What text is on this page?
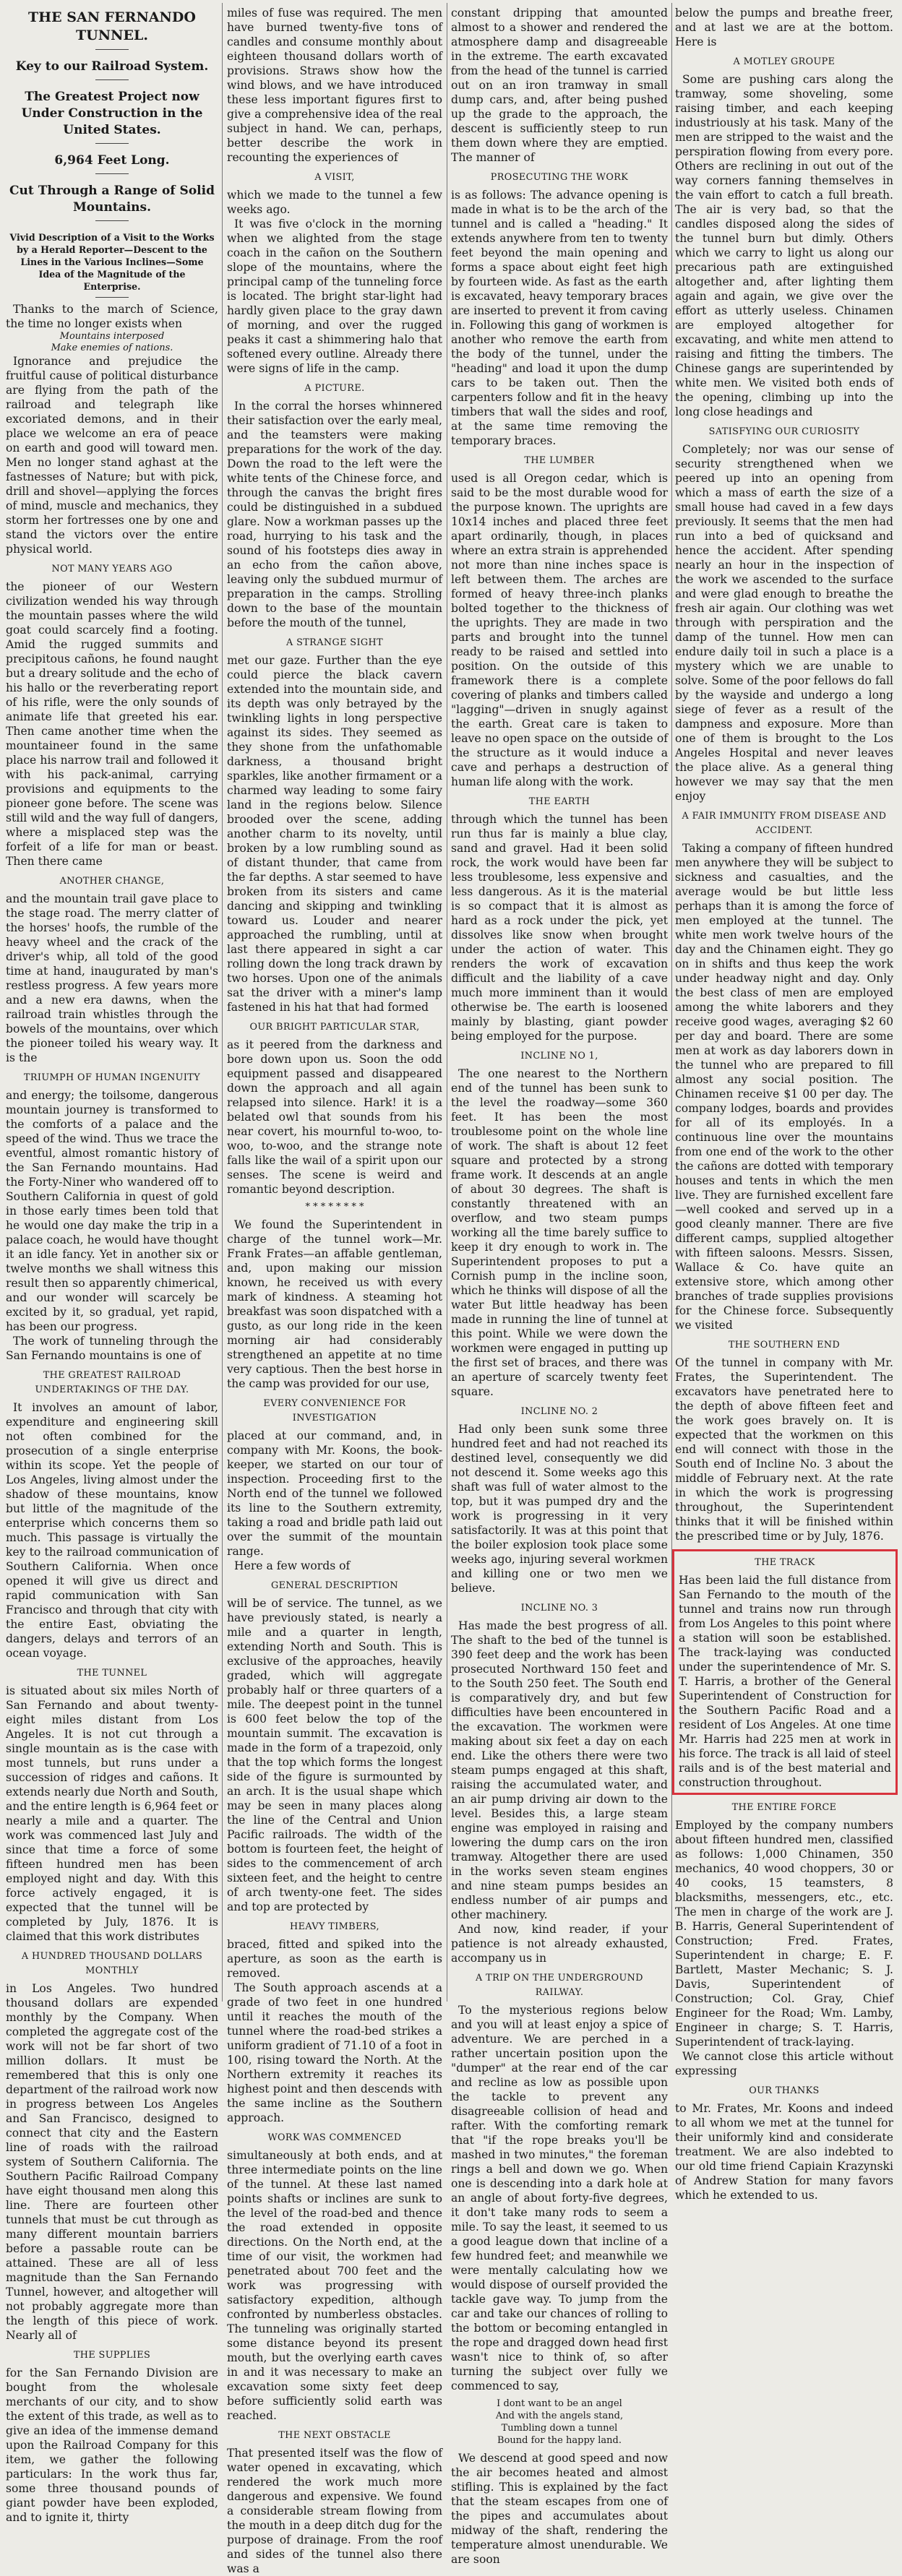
THE SAN FERNANDO TUNNEL.
Key to our Railroad System.
The Greatest Project now Under Construction in the United States.
6,964 Feet Long.
Cut Through a Range of Solid Mountains.
Vivid Description of a Visit to the Works by a Herald Reporter—Descent to the Lines in the Various Inclines—Some Idea of the Magnitude of the Enterprise.

Thanks to the march of Science, the time no longer exists when

Mountains interposed
Make enemies of nations.

Ignorance and prejudice the fruitful cause of political disturbance are flying from the path of the railroad and telegraph like excoriated demons, and in their place we welcome an era of peace on earth and good will toward men. Men no longer stand aghast at the fastnesses of Nature; but with pick, drill and shovel—applying the forces of mind, muscle and mechanics, they storm her fortresses one by one and stand the victors over the entire physical world.

NOT MANY YEARS AGO

the pioneer of our Western civilization wended his way through the mountain passes where the wild goat could scarcely find a footing. Amid the rugged summits and precipitous cañons, he found naught but a dreary solitude and the echo of his hallo or the reverberating report of his rifle, were the only sounds of animate life that greeted his ear. Then came another time when the mountaineer found in the same place his narrow trail and followed it with his pack-animal, carrying provisions and equipments to the pioneer gone before. The scene was still wild and the way full of dangers, where a misplaced step was the forfeit of a life for man or beast. Then there came

ANOTHER CHANGE,

and the mountain trail gave place to the stage road. The merry clatter of the horses' hoofs, the rumble of the heavy wheel and the crack of the driver's whip, all told of the good time at hand, inaugurated by man's restless progress. A few years more and a new era dawns, when the railroad train whistles through the bowels of the mountains, over which the pioneer toiled his weary way. It is the

TRIUMPH OF HUMAN INGENUITY

and energy; the toilsome, dangerous mountain journey is transformed to the comforts of a palace and the speed of the wind. Thus we trace the eventful, almost romantic history of the San Fernando mountains. Had the Forty-Niner who wandered off to Southern California in quest of gold in those early times been told that he would one day make the trip in a palace coach, he would have thought it an idle fancy. Yet in another six or twelve months we shall witness this result then so apparently chimerical, and our wonder will scarcely be excited by it, so gradual, yet rapid, has been our progress.

The work of tunneling through the San Fernando mountains is one of

THE GREATEST RAILROAD UNDERTAKINGS OF THE DAY.

It involves an amount of labor, expenditure and engineering skill not often combined for the prosecution of a single enterprise within its scope. Yet the people of Los Angeles, living almost under the shadow of these mountains, know but little of the magnitude of the enterprise which concerns them so much. This passage is virtually the key to the railroad communication of Southern California. When once opened it will give us direct and rapid communication with San Francisco and through that city with the entire East, obviating the dangers, delays and terrors of an ocean voyage.

THE TUNNEL

is situated about six miles North of San Fernando and about twenty-eight miles distant from Los Angeles. It is not cut through a single mountain as is the case with most tunnels, but runs under a succession of ridges and cañons. It extends nearly due North and South, and the entire length is 6,964 feet or nearly a mile and a quarter. The work was commenced last July and since that time a force of some fifteen hundred men has been employed night and day. With this force actively engaged, it is expected that the tunnel will be completed by July, 1876. It is claimed that this work distributes

A HUNDRED THOUSAND DOLLARS MONTHLY

in Los Angeles. Two hundred thousand dollars are expended monthly by the Company. When completed the aggregate cost of the work will not be far short of two million dollars. It must be remembered that this is only one department of the railroad work now in progress between Los Angeles and San Francisco, designed to connect that city and the Eastern line of roads with the railroad system of Southern California. The Southern Pacific Railroad Company have eight thousand men along this line. There are fourteen other tunnels that must be cut through as many different mountain barriers before a passable route can be attained. These are all of less magnitude than the San Fernando Tunnel, however, and altogether will not probably aggregate more than the length of this piece of work. Nearly all of

THE SUPPLIES

for the San Fernando Division are bought from the wholesale merchants of our city, and to show the extent of this trade, as well as to give an idea of the immense demand upon the Railroad Company for this item, we gather the following particulars: In the work thus far, some three thousand pounds of giant powder have been exploded, and to ignite it, thirty

miles of fuse was required. The men have burned twenty-five tons of candles and consume monthly about eighteen thousand dollars worth of provisions. Straws show how the wind blows, and we have introduced these less important figures first to give a comprehensive idea of the real subject in hand. We can, perhaps, better describe the work in recounting the experiences of

A VISIT,

which we made to the tunnel a few weeks ago.

It was five o'clock in the morning when we alighted from the stage coach in the cañon on the Southern slope of the mountains, where the principal camp of the tunneling force is located. The bright star-light had hardly given place to the gray dawn of morning, and over the rugged peaks it cast a shimmering halo that softened every outline. Already there were signs of life in the camp.

A PICTURE.

In the corral the horses whinnered their satisfaction over the early meal, and the teamsters were making preparations for the work of the day. Down the road to the left were the white tents of the Chinese force, and through the canvas the bright fires could be distinguished in a subdued glare. Now a workman passes up the road, hurrying to his task and the sound of his footsteps dies away in an echo from the cañon above, leaving only the subdued murmur of preparation in the camps. Strolling down to the base of the mountain before the mouth of the tunnel,

A STRANGE SIGHT

met our gaze. Further than the eye could pierce the black cavern extended into the mountain side, and its depth was only betrayed by the twinkling lights in long perspective against its sides. They seemed as they shone from the unfathomable darkness, a thousand bright sparkles, like another firmament or a charmed way leading to some fairy land in the regions below. Silence brooded over the scene, adding another charm to its novelty, until broken by a low rumbling sound as of distant thunder, that came from the far depths. A star seemed to have broken from its sisters and came dancing and skipping and twinkling toward us. Louder and nearer approached the rumbling, until at last there appeared in sight a car rolling down the long track drawn by two horses. Upon one of the animals sat the driver with a miner's lamp fastened in his hat that had formed

OUR BRIGHT PARTICULAR STAR,

as it peered from the darkness and bore down upon us. Soon the odd equipment passed and disappeared down the approach and all again relapsed into silence. Hark! it is a belated owl that sounds from his near covert, his mournful to-woo, to-woo, to-woo, and the strange note falls like the wail of a spirit upon our senses. The scene is weird and romantic beyond description.

* * * * * * * *

We found the Superintendent in charge of the tunnel work—Mr. Frank Frates—an affable gentleman, and, upon making our mission known, he received us with every mark of kindness. A steaming hot breakfast was soon dispatched with a gusto, as our long ride in the keen morning air had considerably strengthened an appetite at no time very captious. Then the best horse in the camp was provided for our use,

EVERY CONVENIENCE FOR INVESTIGATION

placed at our command, and, in company with Mr. Koons, the book-keeper, we started on our tour of inspection. Proceeding first to the North end of the tunnel we followed its line to the Southern extremity, taking a road and bridle path laid out over the summit of the mountain range.

Here a few words of

GENERAL DESCRIPTION

will be of service. The tunnel, as we have previously stated, is nearly a mile and a quarter in length, extending North and South. This is exclusive of the approaches, heavily graded, which will aggregate probably half or three quarters of a mile. The deepest point in the tunnel is 600 feet below the top of the mountain summit. The excavation is made in the form of a trapezoid, only that the top which forms the longest side of the figure is surmounted by an arch. It is the usual shape which may be seen in many places along the line of the Central and Union Pacific railroads. The width of the bottom is fourteen feet, the height of sides to the commencement of arch sixteen feet, and the height to centre of arch twenty-one feet. The sides and top are protected by

HEAVY TIMBERS,

braced, fitted and spiked into the aperture, as soon as the earth is removed.

The South approach ascends at a grade of two feet in one hundred until it reaches the mouth of the tunnel where the road-bed strikes a uniform gradient of 71.10 of a foot in 100, rising toward the North. At the Northern extremity it reaches its highest point and then descends with the same incline as the Southern approach.

WORK WAS COMMENCED

simultaneously at both ends, and at three intermediate points on the line of the tunnel. At these last named points shafts or inclines are sunk to the level of the road-bed and thence the road extended in opposite directions. On the North end, at the time of our visit, the workmen had penetrated about 700 feet and the work was progressing with satisfactory expedition, although confronted by numberless obstacles. The tunneling was originally started some distance beyond its present mouth, but the overlying earth caves in and it was necessary to make an excavation some sixty feet deep before sufficiently solid earth was reached.

THE NEXT OBSTACLE

That presented itself was the flow of water opened in excavating, which rendered the work much more dangerous and expensive. We found a considerable stream flowing from the mouth in a deep ditch dug for the purpose of drainage. From the roof and sides of the tunnel also there was a

constant dripping that amounted almost to a shower and rendered the atmosphere damp and disagreeable in the extreme. The earth excavated from the head of the tunnel is carried out on an iron tramway in small dump cars, and, after being pushed up the grade to the approach, the descent is sufficiently steep to run them down where they are emptied. The manner of

PROSECUTING THE WORK

is as follows: The advance opening is made in what is to be the arch of the tunnel and is called a "heading." It extends anywhere from ten to twenty feet beyond the main opening and forms a space about eight feet high by fourteen wide. As fast as the earth is excavated, heavy temporary braces are inserted to prevent it from caving in. Following this gang of workmen is another who remove the earth from the body of the tunnel, under the "heading" and load it upon the dump cars to be taken out. Then the carpenters follow and fit in the heavy timbers that wall the sides and roof, at the same time removing the temporary braces.

THE LUMBER

used is all Oregon cedar, which is said to be the most durable wood for the purpose known. The uprights are 10x14 inches and placed three feet apart ordinarily, though, in places where an extra strain is apprehended not more than nine inches space is left between them. The arches are formed of heavy three-inch planks bolted together to the thickness of the uprights. They are made in two parts and brought into the tunnel ready to be raised and settled into position. On the outside of this framework there is a complete covering of planks and timbers called "lagging"—driven in snugly against the earth. Great care is taken to leave no open space on the outside of the structure as it would induce a cave and perhaps a destruction of human life along with the work.

THE EARTH

through which the tunnel has been run thus far is mainly a blue clay, sand and gravel. Had it been solid rock, the work would have been far less troublesome, less expensive and less dangerous. As it is the material is so compact that it is almost as hard as a rock under the pick, yet dissolves like snow when brought under the action of water. This renders the work of excavation difficult and the liability of a cave much more imminent than it would otherwise be. The earth is loosened mainly by blasting, giant powder being employed for the purpose.

INCLINE NO 1,

The one nearest to the Northern end of the tunnel has been sunk to the level the roadway—some 360 feet. It has been the most troublesome point on the whole line of work. The shaft is about 12 feet square and protected by a strong frame work. It descends at an angle of about 30 degrees. The shaft is constantly threatened with an overflow, and two steam pumps working all the time barely suffice to keep it dry enough to work in. The Superintendent proposes to put a Cornish pump in the incline soon, which he thinks will dispose of all the water But little headway has been made in running the line of tunnel at this point. While we were down the workmen were engaged in putting up the first set of braces, and there was an aperture of scarcely twenty feet square.

INCLINE NO. 2

Had only been sunk some three hundred feet and had not reached its destined level, consequently we did not descend it. Some weeks ago this shaft was full of water almost to the top, but it was pumped dry and the work is progressing in it very satisfactorily. It was at this point that the boiler explosion took place some weeks ago, injuring several workmen and killing one or two men we believe.

INCLINE NO. 3

Has made the best progress of all. The shaft to the bed of the tunnel is 390 feet deep and the work has been prosecuted Northward 150 feet and to the South 250 feet. The South end is comparatively dry, and but few difficulties have been encountered in the excavation. The workmen were making about six feet a day on each end. Like the others there were two steam pumps engaged at this shaft, raising the accumulated water, and an air pump driving air down to the level. Besides this, a large steam engine was employed in raising and lowering the dump cars on the iron tramway. Altogether there are used in the works seven steam engines and nine steam pumps besides an endless number of air pumps and other machinery.

And now, kind reader, if your patience is not already exhausted, accompany us in

A TRIP ON THE UNDERGROUND RAILWAY.

To the mysterious regions below and you will at least enjoy a spice of adventure. We are perched in a rather uncertain position upon the "dumper" at the rear end of the car and recline as low as possible upon the tackle to prevent any disagreeable collision of head and rafter. With the comforting remark that "if the rope breaks you'll be mashed in two minutes," the foreman rings a bell and down we go. When one is descending into a dark hole at an angle of about forty-five degrees, it don't take many rods to seem a mile. To say the least, it seemed to us a good league down that incline of a few hundred feet; and meanwhile we were mentally calculating how we would dispose of ourself provided the tackle gave way. To jump from the car and take our chances of rolling to the bottom or becoming entangled in the rope and dragged down head first wasn't nice to think of, so after turning the subject over fully we commenced to say,

I dont want to be an angel
And with the angels stand,
Tumbling down a tunnel
Bound for the happy land.

We descend at good speed and now the air becomes heated and almost stifling. This is explained by the fact that the steam escapes from one of the pipes and accumulates about midway of the shaft, rendering the temperature almost unendurable. We are soon

below the pumps and breathe freer, and at last we are at the bottom. Here is

A MOTLEY GROUPE

Some are pushing cars along the tramway, some shoveling, some raising timber, and each keeping industriously at his task. Many of the men are stripped to the waist and the perspiration flowing from every pore. Others are reclining in out out of the way corners fanning themselves in the vain effort to catch a full breath. The air is very bad, so that the candles disposed along the sides of the tunnel burn but dimly. Others which we carry to light us along our precarious path are extinguished altogether and, after lighting them again and again, we give over the effort as utterly useless. Chinamen are employed altogether for excavating, and white men attend to raising and fitting the timbers. The Chinese gangs are superintended by white men. We visited both ends of the opening, climbing up into the long close headings and

SATISFYING OUR CURIOSITY

Completely; nor was our sense of security strengthened when we peered up into an opening from which a mass of earth the size of a small house had caved in a few days previously. It seems that the men had run into a bed of quicksand and hence the accident. After spending nearly an hour in the inspection of the work we ascended to the surface and were glad enough to breathe the fresh air again. Our clothing was wet through with perspiration and the damp of the tunnel. How men can endure daily toil in such a place is a mystery which we are unable to solve. Some of the poor fellows do fall by the wayside and undergo a long siege of fever as a result of the dampness and exposure. More than one of them is brought to the Los Angeles Hospital and never leaves the place alive. As a general thing however we may say that the men enjoy

A FAIR IMMUNITY FROM DISEASE AND ACCIDENT.

Taking a company of fifteen hundred men anywhere they will be subject to sickness and casualties, and the average would be but little less perhaps than it is among the force of men employed at the tunnel. The white men work twelve hours of the day and the Chinamen eight. They go on in shifts and thus keep the work under headway night and day. Only the best class of men are employed among the white laborers and they receive good wages, averaging $2 60 per day and board. There are some men at work as day laborers down in the tunnel who are prepared to fill almost any social position. The Chinamen receive $1 00 per day. The company lodges, boards and provides for all of its employés. In a continuous line over the mountains from one end of the work to the other the cañons are dotted with temporary houses and tents in which the men live. They are furnished excellent fare—well cooked and served up in a good cleanly manner. There are five different camps, supplied altogether with fifteen saloons. Messrs. Sissen, Wallace & Co. have quite an extensive store, which among other branches of trade supplies provisions for the Chinese force. Subsequently we visited

THE SOUTHERN END

Of the tunnel in company with Mr. Frates, the Superintendent. The excavators have penetrated here to the depth of above fifteen feet and the work goes bravely on. It is expected that the workmen on this end will connect with those in the South end of Incline No. 3 about the middle of February next. At the rate in which the work is progressing throughout, the Superintendent thinks that it will be finished within the prescribed time or by July, 1876.

THE TRACK

Has been laid the full distance from San Fernando to the mouth of the tunnel and trains now run through from Los Angeles to this point where a station will soon be established. The track-laying was conducted under the superintendence of Mr. S. T. Harris, a brother of the General Superintendent of Construction for the Southern Pacific Road and a resident of Los Angeles. At one time Mr. Harris had 225 men at work in his force. The track is all laid of steel rails and is of the best material and construction throughout.

THE ENTIRE FORCE

Employed by the company numbers about fifteen hundred men, classified as follows: 1,000 Chinamen, 350 mechanics, 40 wood choppers, 30 or 40 cooks, 15 teamsters, 8 blacksmiths, messengers, etc., etc. The men in charge of the work are J. B. Harris, General Superintendent of Construction; Fred. Frates, Superintendent in charge; E. F. Bartlett, Master Mechanic; S. J. Davis, Superintendent of Construction; Col. Gray, Chief Engineer for the Road; Wm. Lamby, Engineer in charge; S. T. Harris, Superintendent of track-laying.

We cannot close this article without expressing

OUR THANKS

to Mr. Frates, Mr. Koons and indeed to all whom we met at the tunnel for their uniformly kind and considerate treatment. We are also indebted to our old time friend Capiain Krazynski of Andrew Station for many favors which he extended to us.
